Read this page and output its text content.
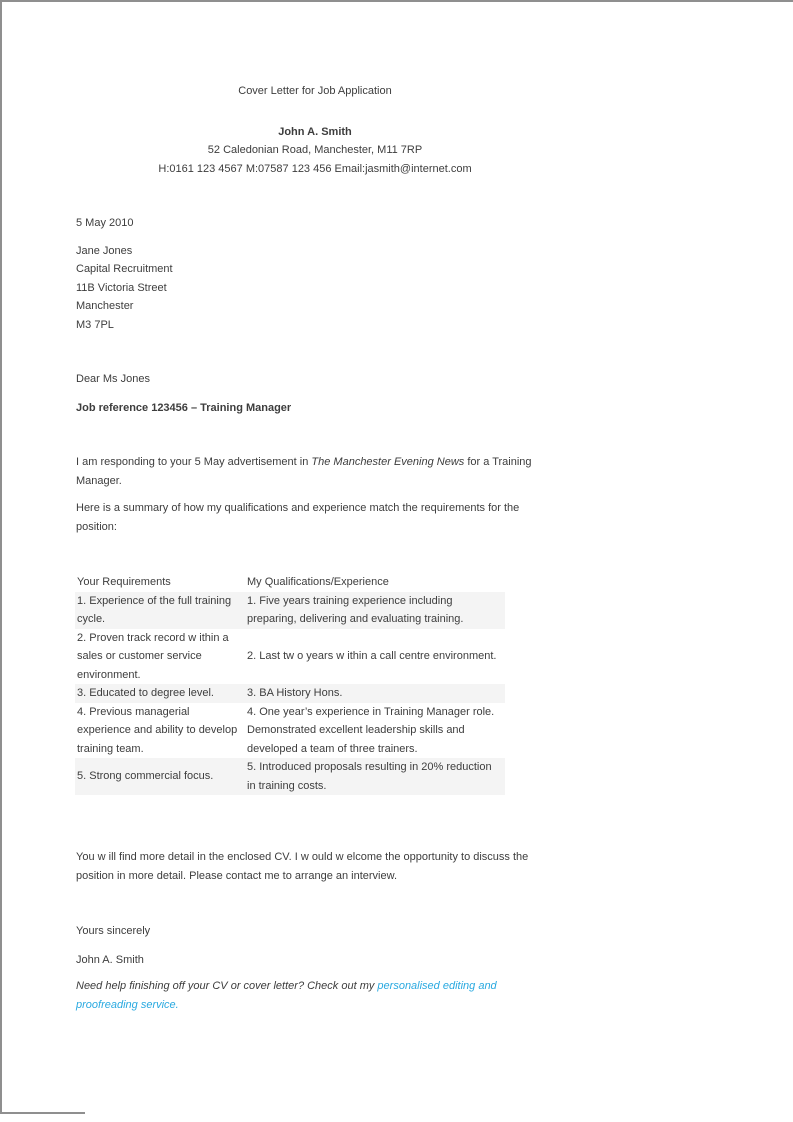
Cover Letter for Job Application
John A. Smith
52 Caledonian Road, Manchester, M11 7RP
H:0161 123 4567 M:07587 123 456 Email:jasmith@internet.com
5 May 2010
Jane Jones
Capital Recruitment
11B Victoria Street
Manchester
M3 7PL
Dear Ms Jones
Job reference 123456 – Training Manager

I am responding to your 5 May advertisement in The Manchester Evening News for a Training Manager.

Here is a summary of how my qualifications and experience match the requirements for the position:

Your Requirements	My Qualifications/Experience
1. Experience of the full training cycle.	1. Five years training experience including preparing, delivering and evaluating training.
2. Proven track record w ithin a sales or customer service environment.	2. Last tw o years w ithin a call centre environment.
3. Educated to degree level.	3. BA History Hons.
4. Previous managerial experience and ability to develop training team.	4. One year’s experience in Training Manager role. Demonstrated excellent leadership skills and developed a team of three trainers.
5. Strong commercial focus.	5. Introduced proposals resulting in 20% reduction in training costs.

You w ill find more detail in the enclosed CV. I w ould w elcome the opportunity to discuss the position in more detail. Please contact me to arrange an interview.

Yours sincerely
John A. Smith

Need help finishing off your CV or cover letter? Check out my personalised editing and proofreading service.
